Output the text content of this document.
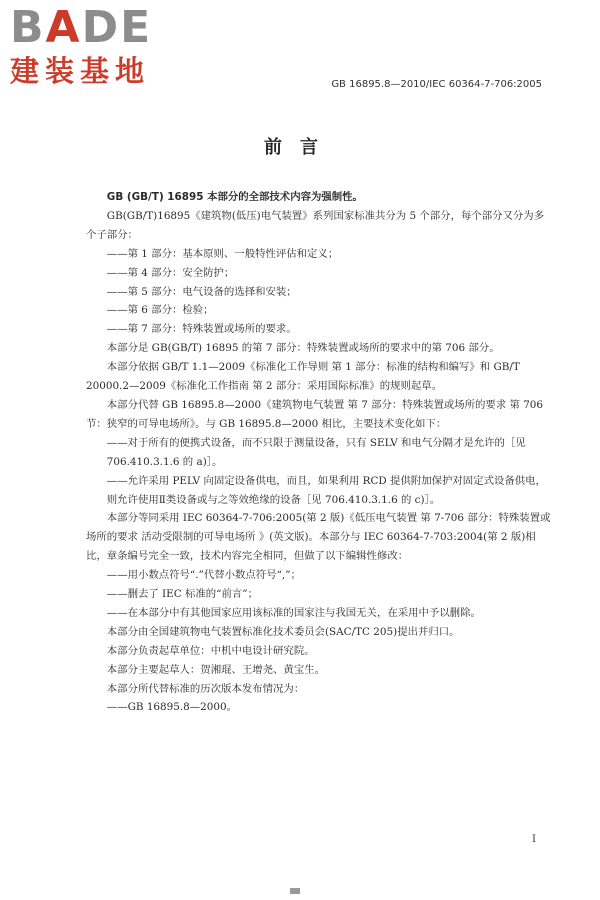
BADE
建装基地	GB 16895.8—2010/IEC 60364-7-706:2005
前言

GB (GB/T) 16895 本部分的全部技术内容为强制性。

GB(GB/T)16895《建筑物(低压)电气装置》系列国家标准共分为 5 个部分，每个部分又分为多个子部分：

——第 1 部分：基本原则、一般特性评估和定义；

——第 4 部分：安全防护；

——第 5 部分：电气设备的选择和安装；

——第 6 部分：检验；

——第 7 部分：特殊装置或场所的要求。

本部分是 GB(GB/T) 16895 的第 7 部分：特殊装置或场所的要求中的第 706 部分。

本部分依据 GB/T 1.1—2009《标准化工作导则 第 1 部分：标准的结构和编写》和 GB/T 20000.2—2009《标准化工作指南 第 2 部分：采用国际标准》的规则起草。

本部分代替 GB 16895.8—2000《建筑物电气装置 第 7 部分：特殊装置或场所的要求 第 706 节：狭窄的可导电场所》。与 GB 16895.8—2000 相比，主要技术变化如下：

——对于所有的便携式设备，而不只限于测量设备，只有 SELV 和电气分隔才是允许的［见 706.410.3.1.6 的 a)］。

——允许采用 PELV 向固定设备供电，而且，如果利用 RCD 提供附加保护对固定式设备供电，则允许使用Ⅱ类设备或与之等效绝缘的设备［见 706.410.3.1.6 的 c)］。

本部分等同采用 IEC 60364-7-706:2005(第 2 版)《低压电气装置 第 7-706 部分：特殊装置或场所的要求 活动受限制的可导电场所 》(英文版)。本部分与 IEC 60364-7-703:2004(第 2 版)相比，章条编号完全一致，技术内容完全相同，但做了以下编辑性修改：

——用小数点符号“.”代替小数点符号“,”；

——删去了 IEC 标准的“前言”；

——在本部分中有其他国家应用该标准的国家注与我国无关，在采用中予以删除。

本部分由全国建筑物电气装置标准化技术委员会(SAC/TC 205)提出并归口。

本部分负责起草单位：中机中电设计研究院。

本部分主要起草人：贺湘琨、王增尧、黄宝生。

本部分所代替标准的历次版本发布情况为：

——GB 16895.8—2000。

I
